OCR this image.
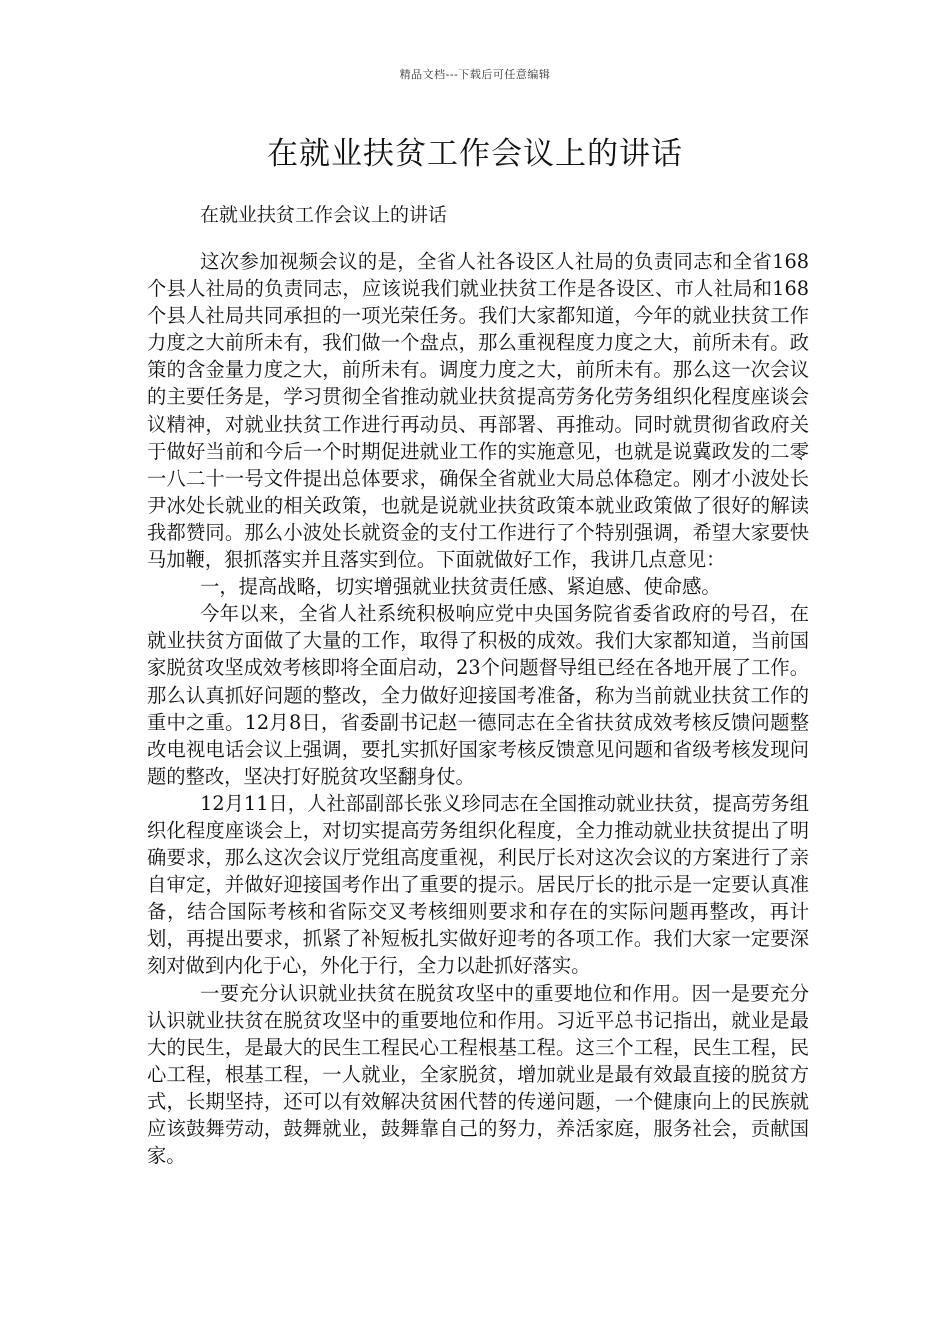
精品文档---下载后可任意编辑
在就业扶贫工作会议上的讲话
在就业扶贫工作会议上的讲话

这次参加视频会议的是，全省人社各设区人社局的负责同志和全省168个县人社局的负责同志，应该说我们就业扶贫工作是各设区、市人社局和168个县人社局共同承担的一项光荣任务。我们大家都知道，今年的就业扶贫工作力度之大前所未有，我们做一个盘点，那么重视程度力度之大，前所未有。政策的含金量力度之大，前所未有。调度力度之大，前所未有。那么这一次会议的主要任务是，学习贯彻全省推动就业扶贫提高劳务化劳务组织化程度座谈会议精神，对就业扶贫工作进行再动员、再部署、再推动。同时就贯彻省政府关于做好当前和今后一个时期促进就业工作的实施意见，也就是说冀政发的二零一八二十一号文件提出总体要求，确保全省就业大局总体稳定。刚才小波处长尹冰处长就业的相关政策，也就是说就业扶贫政策本就业政策做了很好的解读我都赞同。那么小波处长就资金的支付工作进行了个特别强调，希望大家要快马加鞭，狠抓落实并且落实到位。下面就做好工作，我讲几点意见：

一，提高战略，切实增强就业扶贫责任感、紧迫感、使命感。

今年以来，全省人社系统积极响应党中央国务院省委省政府的号召，在就业扶贫方面做了大量的工作，取得了积极的成效。我们大家都知道，当前国家脱贫攻坚成效考核即将全面启动，23个问题督导组已经在各地开展了工作。那么认真抓好问题的整改，全力做好迎接国考准备，称为当前就业扶贫工作的重中之重。12月8日，省委副书记赵一德同志在全省扶贫成效考核反馈问题整改电视电话会议上强调，要扎实抓好国家考核反馈意见问题和省级考核发现问题的整改，坚决打好脱贫攻坚翻身仗。

12月11日，人社部副部长张义珍同志在全国推动就业扶贫，提高劳务组织化程度座谈会上，对切实提高劳务组织化程度，全力推动就业扶贫提出了明确要求，那么这次会议厅党组高度重视，利民厅长对这次会议的方案进行了亲自审定，并做好迎接国考作出了重要的提示。居民厅长的批示是一定要认真准备，结合国际考核和省际交叉考核细则要求和存在的实际问题再整改，再计划，再提出要求，抓紧了补短板扎实做好迎考的各项工作。我们大家一定要深刻对做到内化于心，外化于行，全力以赴抓好落实。

一要充分认识就业扶贫在脱贫攻坚中的重要地位和作用。因一是要充分认识就业扶贫在脱贫攻坚中的重要地位和作用。习近平总书记指出，就业是最大的民生，是最大的民生工程民心工程根基工程。这三个工程，民生工程，民心工程，根基工程，一人就业，全家脱贫，增加就业是最有效最直接的脱贫方式，长期坚持，还可以有效解决贫困代替的传递问题，一个健康向上的民族就应该鼓舞劳动，鼓舞就业，鼓舞靠自己的努力，养活家庭，服务社会，贡献国家。
